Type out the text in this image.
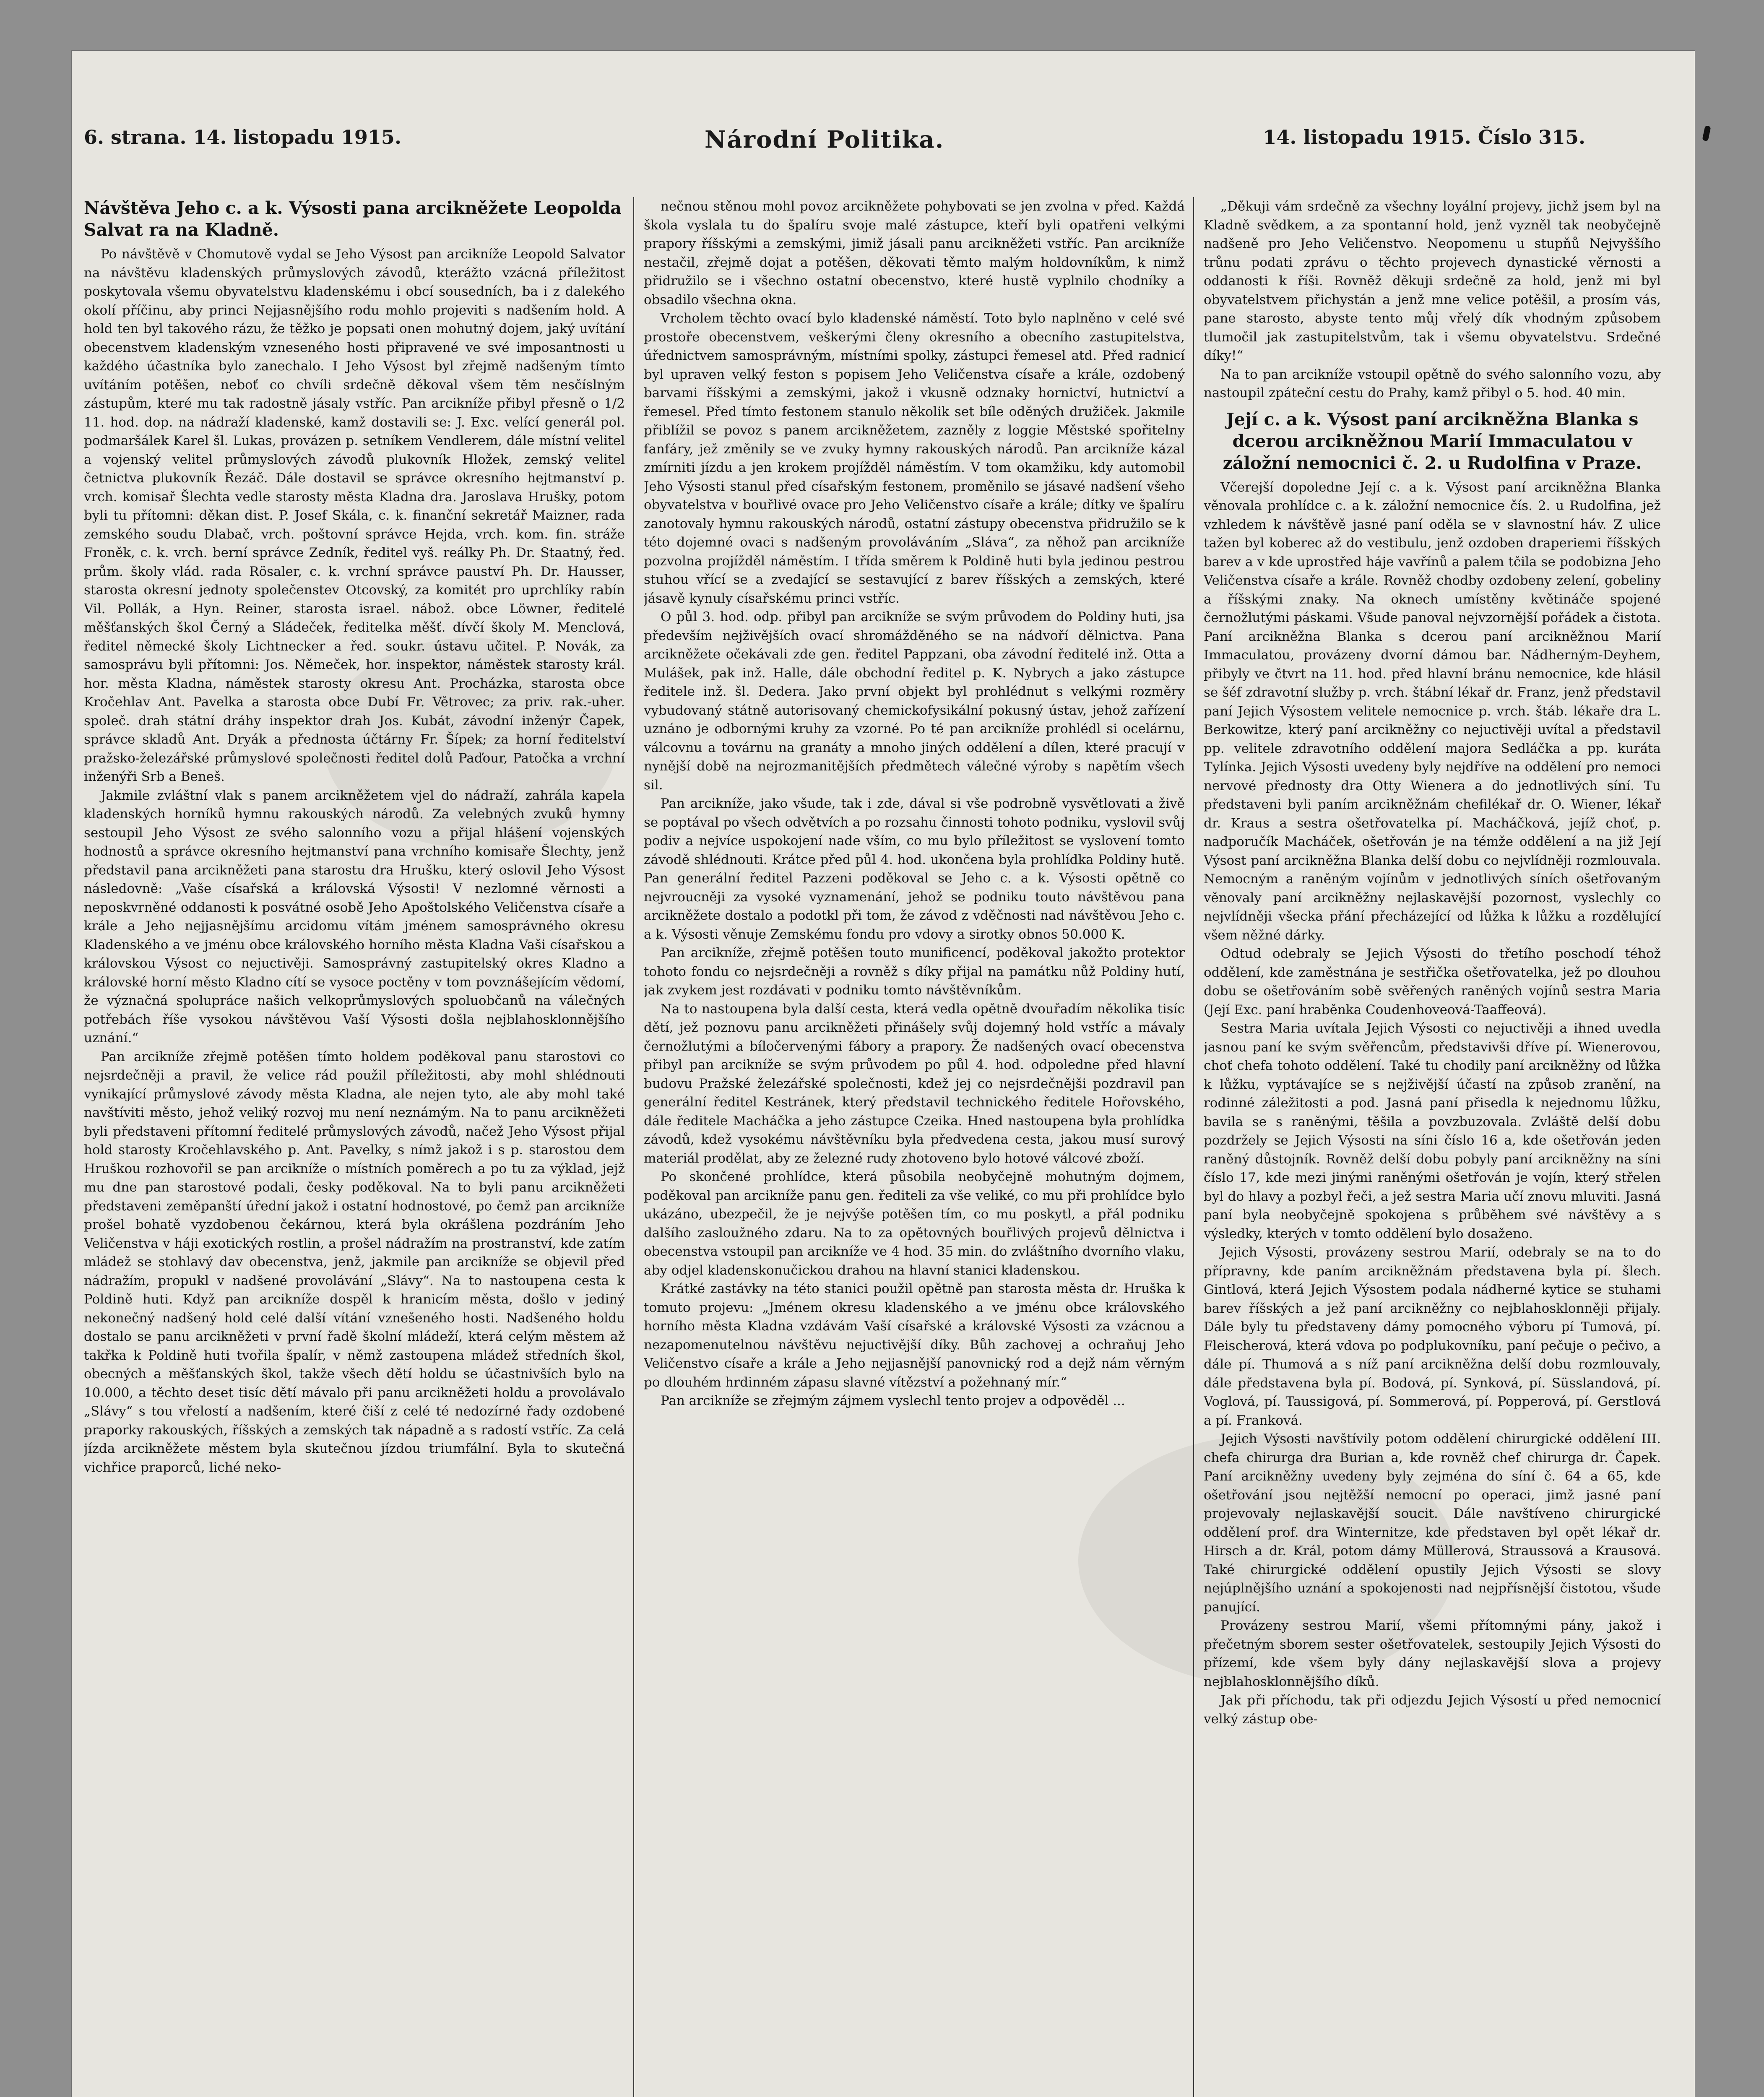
6. strana. 14. listopadu 1915.	Národní Politika.	14. listopadu 1915. Číslo 315.
Návštěva Jeho c. a k. Výsosti pana arcikněžete Leopolda Salvat ra na Kladně.

Po návštěvě v Chomutově vydal se Jeho Výsost pan arcikníže Leopold Salvator na návštěvu kladenských průmyslových závodů, kterážto vzácná příležitost poskytovala všemu obyvatelstvu kladenskému i obcí sousedních, ba i z dalekého okolí příčinu, aby princi Nejjasnějšího rodu mohlo projeviti s nadšením hold. A hold ten byl takového rázu, že těžko je popsati onen mohutný dojem, jaký uvítání obecenstvem kladenským vzneseného hosti připravené ve své imposantnosti u každého účastníka bylo zanechalo. I Jeho Výsost byl zřejmě nadšeným tímto uvítáním potěšen, neboť co chvíli srdečně děkoval všem těm nesčíslným zástupům, které mu tak radostně jásaly vstříc. Pan arcikníže přibyl přesně o 1/2 11. hod. dop. na nádraží kladenské, kamž dostavili se: J. Exc. velící generál pol. podmaršálek Karel šl. Lukas, provázen p. setníkem Vendlerem, dále místní velitel a vojenský velitel průmyslových závodů plukovník Hložek, zemský velitel četnictva plukovník Řezáč. Dále dostavil se správce okresního hejtmanství p. vrch. komisař Šlechta vedle starosty města Kladna dra. Jaroslava Hrušky, potom byli tu přítomni: děkan dist. P. Josef Skála, c. k. finanční sekretář Maizner, rada zemského soudu Dlabač, vrch. poštovní správce Hejda, vrch. kom. fin. stráže Froněk, c. k. vrch. berní správce Zedník, ředitel vyš. reálky Ph. Dr. Staatný, řed. prům. školy vlád. rada Rösaler, c. k. vrchní správce pauství Ph. Dr. Hausser, starosta okresní jednoty společenstev Otcovský, za komitét pro uprchlíky rabín Vil. Pollák, a Hyn. Reiner, starosta israel. nábož. obce Löwner, ředitelé měšťanských škol Černý a Sládeček, ředitelka měšť. dívčí školy M. Menclová, ředitel německé školy Lichtnecker a řed. soukr. ústavu učitel. P. Novák, za samosprávu byli přítomni: Jos. Němeček, hor. inspektor, náměstek starosty král. hor. města Kladna, náměstek starosty okresu Ant. Procházka, starosta obce Kročehlav Ant. Pavelka a starosta obce Dubí Fr. Větrovec; za priv. rak.-uher. společ. drah státní dráhy inspektor drah Jos. Kubát, závodní inženýr Čapek, správce skladů Ant. Dryák a přednosta účtárny Fr. Šípek; za horní ředitelství pražsko-železářské průmyslové společnosti ředitel dolů Paďour, Patočka a vrchní inženýři Srb a Beneš.

Jakmile zvláštní vlak s panem arcikněžetem vjel do nádraží, zahrála kapela kladenských horníků hymnu rakouských národů. Za velebných zvuků hymny sestoupil Jeho Výsost ze svého salonního vozu a přijal hlášení vojenských hodnostů a správce okresního hejtmanství pana vrchního komisaře Šlechty, jenž představil pana arcikněžeti pana starostu dra Hrušku, který oslovil Jeho Výsost následovně: „Vaše císařská a královská Výsosti! V nezlomné věrnosti a neposkvrněné oddanosti k posvátné osobě Jeho Apoštolského Veličenstva císaře a krále a Jeho nejjasnějšímu arcidomu vítám jménem samosprávného okresu Kladenského a ve jménu obce královského horního města Kladna Vaši císařskou a královskou Výsost co nejuctivěji. Samosprávný zastupitelský okres Kladno a královské horní město Kladno cítí se vysoce poctěny v tom povznášejícím vědomí, že význačná spolupráce našich velkoprůmyslových spoluobčanů na válečných potřebách říše vysokou návštěvou Vaší Výsosti došla nejblahosklonnějšího uznání.“

Pan arcikníže zřejmě potěšen tímto holdem poděkoval panu starostovi co nejsrdečněji a pravil, že velice rád použil příležitosti, aby mohl shlédnouti vynikající průmyslové závody města Kladna, ale nejen tyto, ale aby mohl také navštíviti město, jehož veliký rozvoj mu není neznámým. Na to panu arcikněžeti byli představeni přítomní ředitelé průmyslových závodů, načež Jeho Výsost přijal hold starosty Kročehlavského p. Ant. Pavelky, s nímž jakož i s p. starostou dem Hruškou rozhovořil se pan arcikníže o místních poměrech a po tu za výklad, jejž mu dne pan starostové podali, česky poděkoval. Na to byli panu arcikněžeti představeni zeměpanští úřední jakož i ostatní hodnostové, po čemž pan arcikníže prošel bohatě vyzdobenou čekárnou, která byla okrášlena pozdráním Jeho Veličenstva v háji exotických rostlin, a prošel nádražím na prostranství, kde zatím mládež se stohlavý dav obecenstva, jenž, jakmile pan arcikníže se objevil před nádražím, propukl v nadšené provolávání „Slávy“. Na to nastoupena cesta k Poldině huti. Když pan arcikníže dospěl k hranicím města, došlo v jediný nekonečný nadšený hold celé další vítání vznešeného hosti. Nadšeného holdu dostalo se panu arcikněžeti v první řadě školní mládeží, která celým městem až takřka k Poldině huti tvořila špalír, v němž zastoupena mládež středních škol, obecných a měšťanských škol, takže všech dětí holdu se účastnivších bylo na 10.000, a těchto deset tisíc dětí mávalo při panu arcikněžeti holdu a provolávalo „Slávy“ s tou vřelostí a nadšením, které čiší z celé té nedozírné řady ozdobené praporky rakouských, říšských a zemských tak nápadně a s radostí vstříc. Za celá jízda arcikněžete městem byla skutečnou jízdou triumfální. Byla to skutečná vichřice praporců, liché neko-

nečnou stěnou mohl povoz arcikněžete pohybovati se jen zvolna v před. Každá škola vyslala tu do špalíru svoje malé zástupce, kteří byli opatřeni velkými prapory říšskými a zemskými, jimiž jásali panu arcikněžeti vstříc. Pan arcikníže nestačil, zřejmě dojat a potěšen, děkovati těmto malým holdovníkům, k nimž přidružilo se i všechno ostatní obecenstvo, které hustě vyplnilo chodníky a obsadilo všechna okna.

Vrcholem těchto ovací bylo kladenské náměstí. Toto bylo naplněno v celé své prostoře obecenstvem, veškerými členy okresního a obecního zastupitelstva, úřednictvem samosprávným, místními spolky, zástupci řemesel atd. Před radnicí byl upraven velký feston s popisem Jeho Veličenstva císaře a krále, ozdobený barvami říšskými a zemskými, jakož i vkusně odznaky hornictví, hutnictví a řemesel. Před tímto festonem stanulo několik set bíle oděných družiček. Jakmile přiblížil se povoz s panem arcikněžetem, zazněly z loggie Městské spořitelny fanfáry, jež změnily se ve zvuky hymny rakouských národů. Pan arcikníže kázal zmírniti jízdu a jen krokem projížděl náměstím. V tom okamžiku, kdy automobil Jeho Výsosti stanul před císařským festonem, proměnilo se jásavé nadšení všeho obyvatelstva v bouřlivé ovace pro Jeho Veličenstvo císaře a krále; dítky ve špalíru zanotovaly hymnu rakouských národů, ostatní zástupy obecenstva přidružilo se k této dojemné ovaci s nadšeným provoláváním „Sláva“, za něhož pan arcikníže pozvolna projížděl náměstím. I třída směrem k Poldině huti byla jedinou pestrou stuhou vřící se a zvedající se sestavující z barev říšských a zemských, které jásavě kynuly císařskému princi vstříc.

O půl 3. hod. odp. přibyl pan arcikníže se svým průvodem do Poldiny huti, jsa především nejživějších ovací shromážděného se na nádvoří dělnictva. Pana arcikněžete očekávali zde gen. ředitel Pappzani, oba závodní ředitelé inž. Otta a Mulášek, pak inž. Halle, dále obchodní ředitel p. K. Nybrych a jako zástupce ředitele inž. šl. Dedera. Jako první objekt byl prohlédnut s velkými rozměry vybudovaný státně autorisovaný chemickofysikální pokusný ústav, jehož zařízení uznáno je odbornými kruhy za vzorné. Po té pan arcikníže prohlédl si ocelárnu, válcovnu a továrnu na granáty a mnoho jiných oddělení a dílen, které pracují v nynější době na nejrozmanitějších předmětech válečné výroby s napětím všech sil.

Pan arcikníže, jako všude, tak i zde, dával si vše podrobně vysvětlovati a živě se poptával po všech odvětvích a po rozsahu činnosti tohoto podniku, vyslovil svůj podiv a nejvíce uspokojení nade vším, co mu bylo příležitost se vyslovení tomto závodě shlédnouti. Krátce před půl 4. hod. ukončena byla prohlídka Poldiny hutě. Pan generální ředitel Pazzeni poděkoval se Jeho c. a k. Výsosti opětně co nejvroucněji za vysoké vyznamenání, jehož se podniku touto návštěvou pana arcikněžete dostalo a podotkl při tom, že závod z vděčnosti nad návštěvou Jeho c. a k. Výsosti věnuje Zemskému fondu pro vdovy a sirotky obnos 50.000 K.

Pan arcikníže, zřejmě potěšen touto munificencí, poděkoval jakožto protektor tohoto fondu co nejsrdečněji a rovněž s díky přijal na památku nůž Poldiny hutí, jak zvykem jest rozdávati v podniku tomto návštěvníkům.

Na to nastoupena byla další cesta, která vedla opětně dvouřadím několika tisíc dětí, jež poznovu panu arcikněžeti přinášely svůj dojemný hold vstříc a mávaly černožlutými a bíločervenými fábory a prapory. Že nadšených ovací obecenstva přibyl pan arcikníže se svým průvodem po půl 4. hod. odpoledne před hlavní budovu Pražské železářské společnosti, kdež jej co nejsrdečnějši pozdravil pan generální ředitel Kestránek, který představil technického ředitele Hořovského, dále ředitele Macháčka a jeho zástupce Czeika. Hned nastoupena byla prohlídka závodů, kdež vysokému návštěvníku byla předvedena cesta, jakou musí surový materiál prodělat, aby ze železné rudy zhotoveno bylo hotové válcové zboží.

Po skončené prohlídce, která působila neobyčejně mohutným dojmem, poděkoval pan arcikníže panu gen. řediteli za vše veliké, co mu při prohlídce bylo ukázáno, ubezpečil, že je nejvýše potěšen tím, co mu poskytl, a přál podniku dalšího zasloužného zdaru. Na to za opětovných bouřlivých projevů dělnictva i obecenstva vstoupil pan arcikníže ve 4 hod. 35 min. do zvláštního dvorního vlaku, aby odjel kladenskonučickou drahou na hlavní stanici kladenskou.

Krátké zastávky na této stanici použil opětně pan starosta města dr. Hruška k tomuto projevu: „Jménem okresu kladenského a ve jménu obce královského horního města Kladna vzdávám Vaší císařské a královské Výsosti za vzácnou a nezapomenutelnou návštěvu nejuctivější díky. Bůh zachovej a ochraňuj Jeho Veličenstvo císaře a krále a Jeho nejjasnější panovnický rod a dejž nám věrným po dlouhém hrdinném zápasu slavné vítězství a požehnaný mír.“

Pan arcikníže se zřejmým zájmem vyslechl tento projev a odpověděl ...

„Děkuji vám srdečně za všechny loyální projevy, jichž jsem byl na Kladně svědkem, a za spontanní hold, jenž vyzněl tak neobyčejně nadšeně pro Jeho Veličenstvo. Neopomenu u stupňů Nejvyššího trůnu podati zprávu o těchto projevech dynastické věrnosti a oddanosti k říši. Rovněž děkuji srdečně za hold, jenž mi byl obyvatelstvem přichystán a jenž mne velice potěšil, a prosím vás, pane starosto, abyste tento můj vřelý dík vhodným způsobem tlumočil jak zastupitelstvům, tak i všemu obyvatelstvu. Srdečné díky!“

Na to pan arcikníže vstoupil opětně do svého salonního vozu, aby nastoupil zpáteční cestu do Prahy, kamž přibyl o 5. hod. 40 min.

Její c. a k. Výsost paní arcikněžna Blanka s dcerou arcikněžnou Marií Immaculatou v záložní nemocnici č. 2. u Rudolfina v Praze.

Včerejší dopoledne Její c. a k. Výsost paní arcikněžna Blanka věnovala prohlídce c. a k. záložní nemocnice čís. 2. u Rudolfina, jež vzhledem k návštěvě jasné paní oděla se v slavnostní háv. Z ulice tažen byl koberec až do vestibulu, jenž ozdoben draperiemi říšských barev a v kde uprostřed háje vavřínů a palem tčila se podobizna Jeho Veličenstva císaře a krále. Rovněž chodby ozdobeny zelení, gobeliny a říšskými znaky. Na oknech umístěny květináče spojené černožlutými páskami. Všude panoval nejvzornější pořádek a čistota. Paní arcikněžna Blanka s dcerou paní arcikněžnou Marií Immaculatou, provázeny dvorní dámou bar. Nádherným-Deyhem, přibyly ve čtvrt na 11. hod. před hlavní bránu nemocnice, kde hlásil se šéf zdravotní služby p. vrch. štábní lékař dr. Franz, jenž představil paní Jejich Výsostem velitele nemocnice p. vrch. štáb. lékaře dra L. Berkowitze, který paní arcikněžny co nejuctivěji uvítal a představil pp. velitele zdravotního oddělení majora Sedláčka a pp. kuráta Tylínka. Jejich Výsosti uvedeny byly nejdříve na oddělení pro nemoci nervové přednosty dra Otty Wienera a do jednotlivých síní. Tu představeni byli paním arcikněžnám chefilékař dr. O. Wiener, lékař dr. Kraus a sestra ošetřovatelka pí. Macháčková, jejíž choť, p. nadporučík Macháček, ošetřován je na témže oddělení a na již Její Výsost paní arcikněžna Blanka delší dobu co nejvlídněji rozmlouvala. Nemocným a raněným vojínům v jednotlivých síních ošetřovaným věnovaly paní arcikněžny nejlaskavější pozornost, vyslechly co nejvlídněji všecka přání přecházející od lůžka k lůžku a rozdělující všem něžné dárky.

Odtud odebraly se Jejich Výsosti do třetího poschodí téhož oddělení, kde zaměstnána je sestřička ošetřovatelka, jež po dlouhou dobu se ošetřováním sobě svěřených raněných vojínů sestra Maria (Její Exc. paní hraběnka Coudenhoveová-Taaffeová).

Sestra Maria uvítala Jejich Výsosti co nejuctivěji a ihned uvedla jasnou paní ke svým svěřencům, představivši dříve pí. Wienerovou, choť chefa tohoto oddělení. Také tu chodily paní arcikněžny od lůžka k lůžku, vyptávajíce se s nejživější účastí na způsob zranění, na rodinné záležitosti a pod. Jasná paní přisedla k nejednomu lůžku, bavila se s raněnými, těšila a povzbuzovala. Zvláště delší dobu pozdržely se Jejich Výsosti na síni číslo 16 a, kde ošetřován jeden raněný důstojník. Rovněž delší dobu pobyly paní arcikněžny na síni číslo 17, kde mezi jinými raněnými ošetřován je vojín, který střelen byl do hlavy a pozbyl řeči, a jež sestra Maria učí znovu mluviti. Jasná paní byla neobyčejně spokojena s průběhem své návštěvy a s výsledky, kterých v tomto oddělení bylo dosaženo.

Jejich Výsosti, provázeny sestrou Marií, odebraly se na to do přípravny, kde paním arcikněžnám představena byla pí. šlech. Gintlová, která Jejich Výsostem podala nádherné kytice se stuhami barev říšských a jež paní arcikněžny co nejblahosklonněji přijaly. Dále byly tu představeny dámy pomocného výboru pí Tumová, pí. Fleischerová, která vdova po podplukovníku, paní pečuje o pečivo, a dále pí. Thumová a s níž paní arcikněžna delší dobu rozmlouvaly, dále představena byla pí. Bodová, pí. Synková, pí. Süsslandová, pí. Voglová, pí. Taussigová, pí. Sommerová, pí. Popperová, pí. Gerstlová a pí. Franková.

Jejich Výsosti navštívily potom oddělení chirurgické oddělení III. chefa chirurga dra Burian a, kde rovněž chef chirurga dr. Čapek. Paní arcikněžny uvedeny byly zejména do síní č. 64 a 65, kde ošetřování jsou nejtěžší nemocní po operaci, jimž jasné paní projevovaly nejlaskavější soucit. Dále navštíveno chirurgické oddělení prof. dra Winternitze, kde představen byl opět lékař dr. Hirsch a dr. Král, potom dámy Müllerová, Straussová a Krausová. Také chirurgické oddělení opustily Jejich Výsosti se slovy nejúplnějšího uznání a spokojenosti nad nejpřísnější čistotou, všude panující.

Provázeny sestrou Marií, všemi přítomnými pány, jakož i přečetným sborem sester ošetřovatelek, sestoupily Jejich Výsosti do přízemí, kde všem byly dány nejlaskavější slova a projevy nejblahosklonnějšího díků.

Jak při příchodu, tak při odjezdu Jejich Výsostí u před nemocnicí velký zástup obe-
